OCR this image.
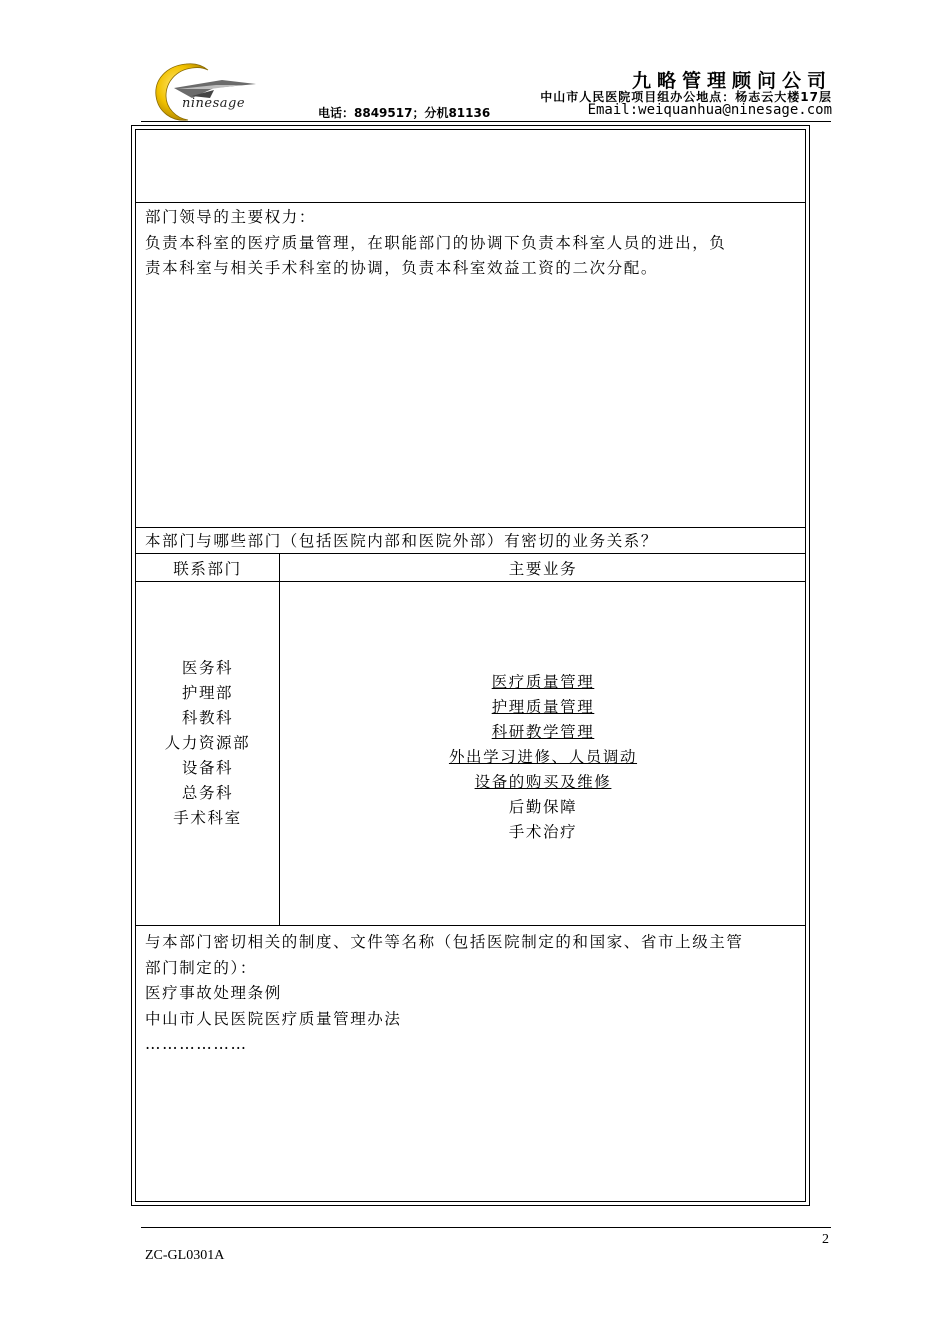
ninesage
九略管理顾问公司
中山市人民医院项目组办公地点：杨志云大楼17层
电话：8849517；分机81136	Email:weiquanhua@ninesage.com
部门领导的主要权力：
负责本科室的医疗质量管理，在职能部门的协调下负责本科室人员的进出，负
责本科室与相关手术科室的协调，负责本科室效益工资的二次分配。
本部门与哪些部门（包括医院内部和医院外部）有密切的业务关系？
联系部门	主要业务
医务科
护理部
科教科
人力资源部
设备科
总务科
手术科室
医疗质量管理
护理质量管理
科研教学管理
外出学习进修、人员调动
设备的购买及维修
后勤保障
手术治疗
与本部门密切相关的制度、文件等名称（包括医院制定的和国家、省市上级主管
部门制定的）：
医疗事故处理条例
中山市人民医院医疗质量管理办法
………………
2
ZC-GL0301A
